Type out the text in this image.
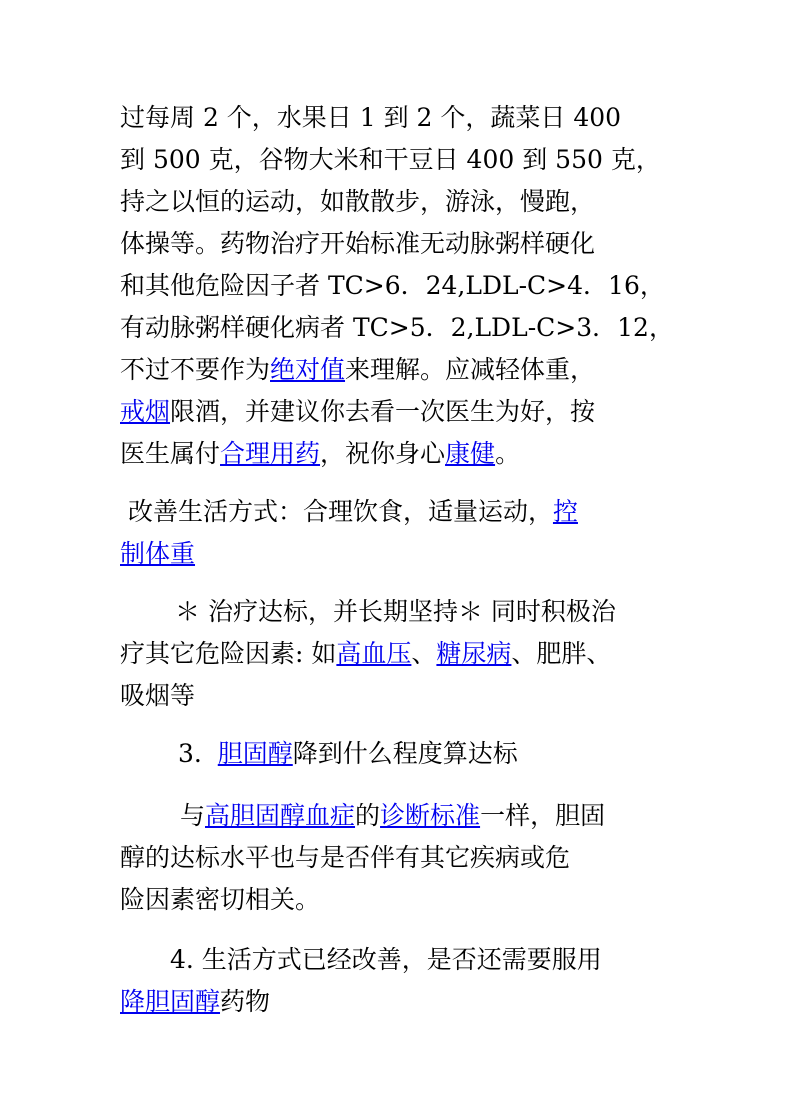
过每周 2 个，水果日 1 到 2 个，蔬菜日 400
到 500 克，谷物大米和干豆日 400 到 550 克，
持之以恒的运动，如散散步，游泳，慢跑，
体操等。药物治疗开始标准无动脉粥样硬化
和其他危险因子者 TC>6．24,LDL-C>4．16，
有动脉粥样硬化病者 TC>5．2,LDL-C>3．12，
不过不要作为绝对值来理解。应减轻体重，
戒烟限酒，并建议你去看一次医生为好，按
医生属付合理用药，祝你身心康健。
改善生活方式：合理饮食，适量运动，控
制体重
＊ 治疗达标，并长期坚持＊ 同时积极治
疗其它危险因素: 如高血压、糖尿病、肥胖、
吸烟等
3. 胆固醇降到什么程度算达标
与高胆固醇血症的诊断标准一样，胆固
醇的达标水平也与是否伴有其它疾病或危
险因素密切相关。
4. 生活方式已经改善，是否还需要服用
降胆固醇药物
